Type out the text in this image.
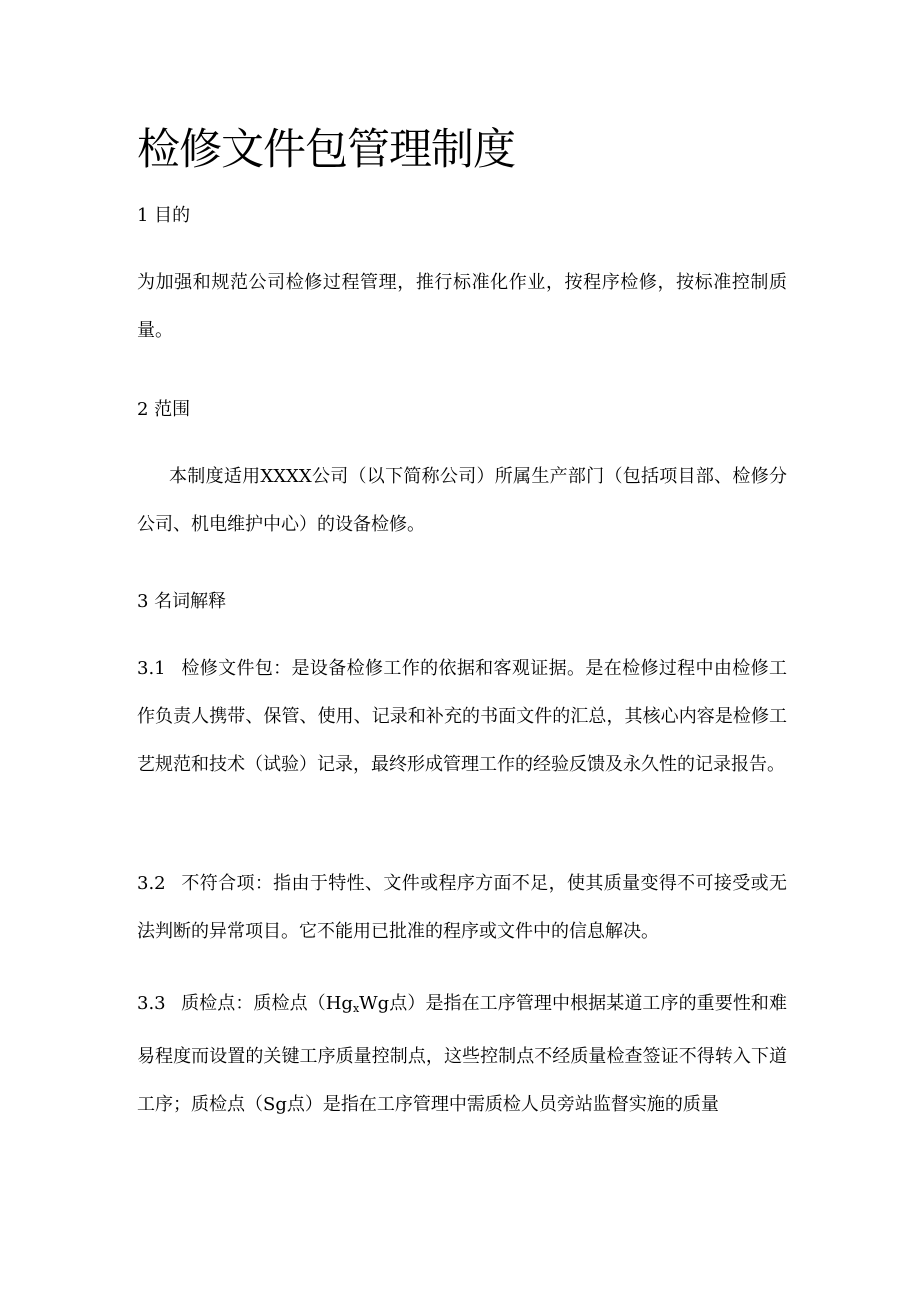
检修文件包管理制度
1 目的

为加强和规范公司检修过程管理，推行标准化作业，按程序检修，按标准控制质量。

2 范围

本制度适用XXXX公司（以下简称公司）所属生产部门（包括项目部、检修分公司、机电维护中心）的设备检修。

3 名词解释

3.1 检修文件包：是设备检修工作的依据和客观证据。是在检修过程中由检修工作负责人携带、保管、使用、记录和补充的书面文件的汇总，其核心内容是检修工艺规范和技术（试验）记录，最终形成管理工作的经验反馈及永久性的记录报告。

3.2 不符合项：指由于特性、文件或程序方面不足，使其质量变得不可接受或无法判断的异常项目。它不能用已批准的程序或文件中的信息解决。

3.3 质检点：质检点（$Hg_xWg$点）是指在工序管理中根据某道工序的重要性和难易程度而设置的关键工序质量控制点，这些控制点不经质量检查签证不得转入下道工序；质检点（Sg点）是指在工序管理中需质检人员旁站监督实施的质量
